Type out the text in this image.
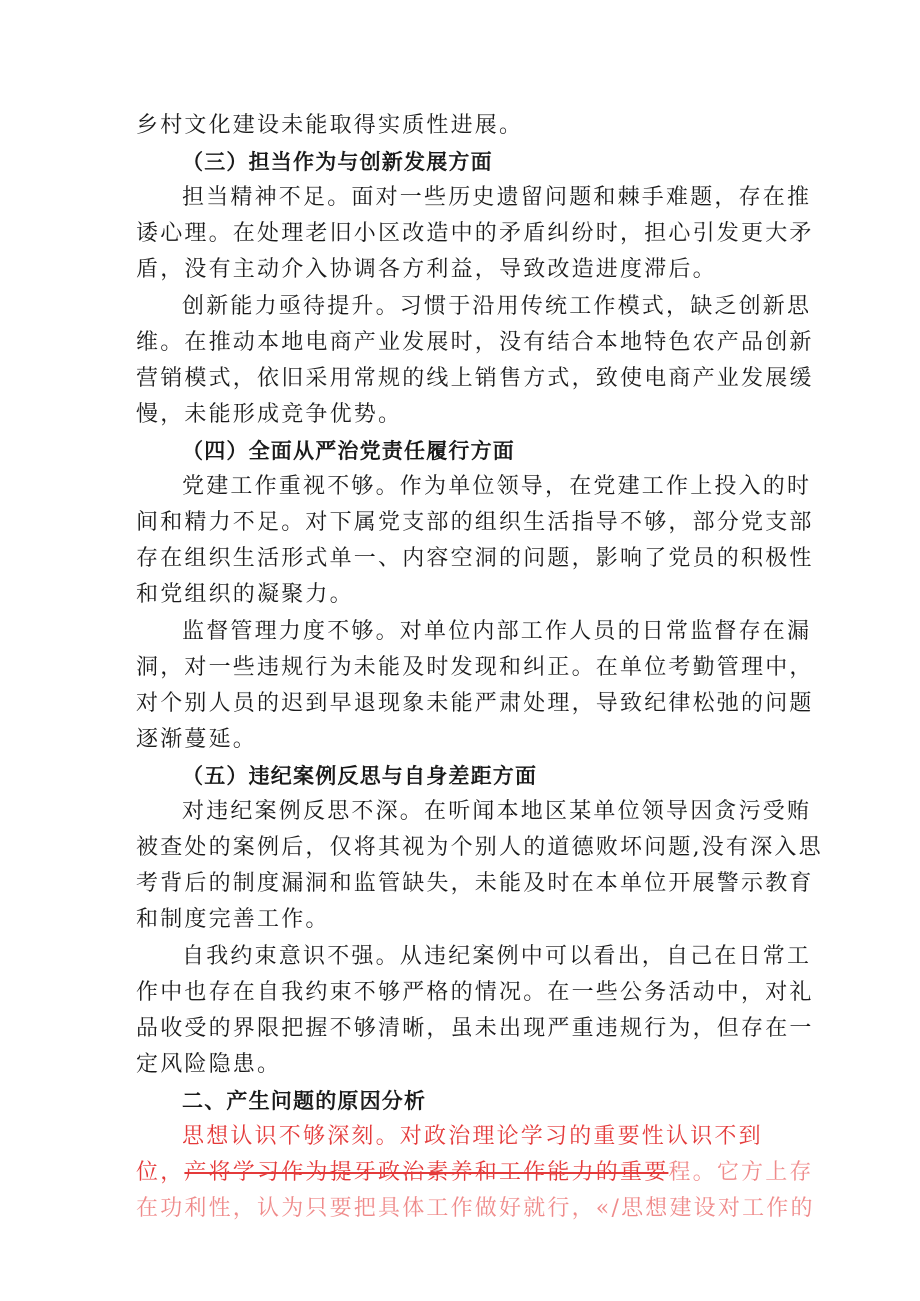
乡村文化建设未能取得实质性进展。
（三）担当作为与创新发展方面
担当精神不足。面对一些历史遗留问题和棘手难题，存在推
诿心理。在处理老旧小区改造中的矛盾纠纷时，担心引发更大矛
盾，没有主动介入协调各方利益，导致改造进度滞后。
创新能力亟待提升。习惯于沿用传统工作模式，缺乏创新思
维。在推动本地电商产业发展时，没有结合本地特色农产品创新
营销模式，依旧采用常规的线上销售方式，致使电商产业发展缓
慢，未能形成竞争优势。
（四）全面从严治党责任履行方面
党建工作重视不够。作为单位领导，在党建工作上投入的时
间和精力不足。对下属党支部的组织生活指导不够，部分党支部
存在组织生活形式单一、内容空洞的问题，影响了党员的积极性
和党组织的凝聚力。
监督管理力度不够。对单位内部工作人员的日常监督存在漏
洞，对一些违规行为未能及时发现和纠正。在单位考勤管理中，
对个别人员的迟到早退现象未能严肃处理，导致纪律松弛的问题
逐渐蔓延。
（五）违纪案例反思与自身差距方面
对违纪案例反思不深。在听闻本地区某单位领导因贪污受贿
被查处的案例后，仅将其视为个别人的道德败坏问题,没有深入思
考背后的制度漏洞和监管缺失，未能及时在本单位开展警示教育
和制度完善工作。
自我约束意识不强。从违纪案例中可以看出，自己在日常工
作中也存在自我约束不够严格的情况。在一些公务活动中，对礼
品收受的界限把握不够清晰，虽未出现严重违规行为，但存在一
定风险隐患。
二、产生问题的原因分析
思想认识不够深刻。对政治理论学习的重要性认识不到
位，产将学习作为提牙政治素养和工作能力的重要程。它方上存
在功利性，认为只要把具体工作做好就行，«/思想建设对工作的
